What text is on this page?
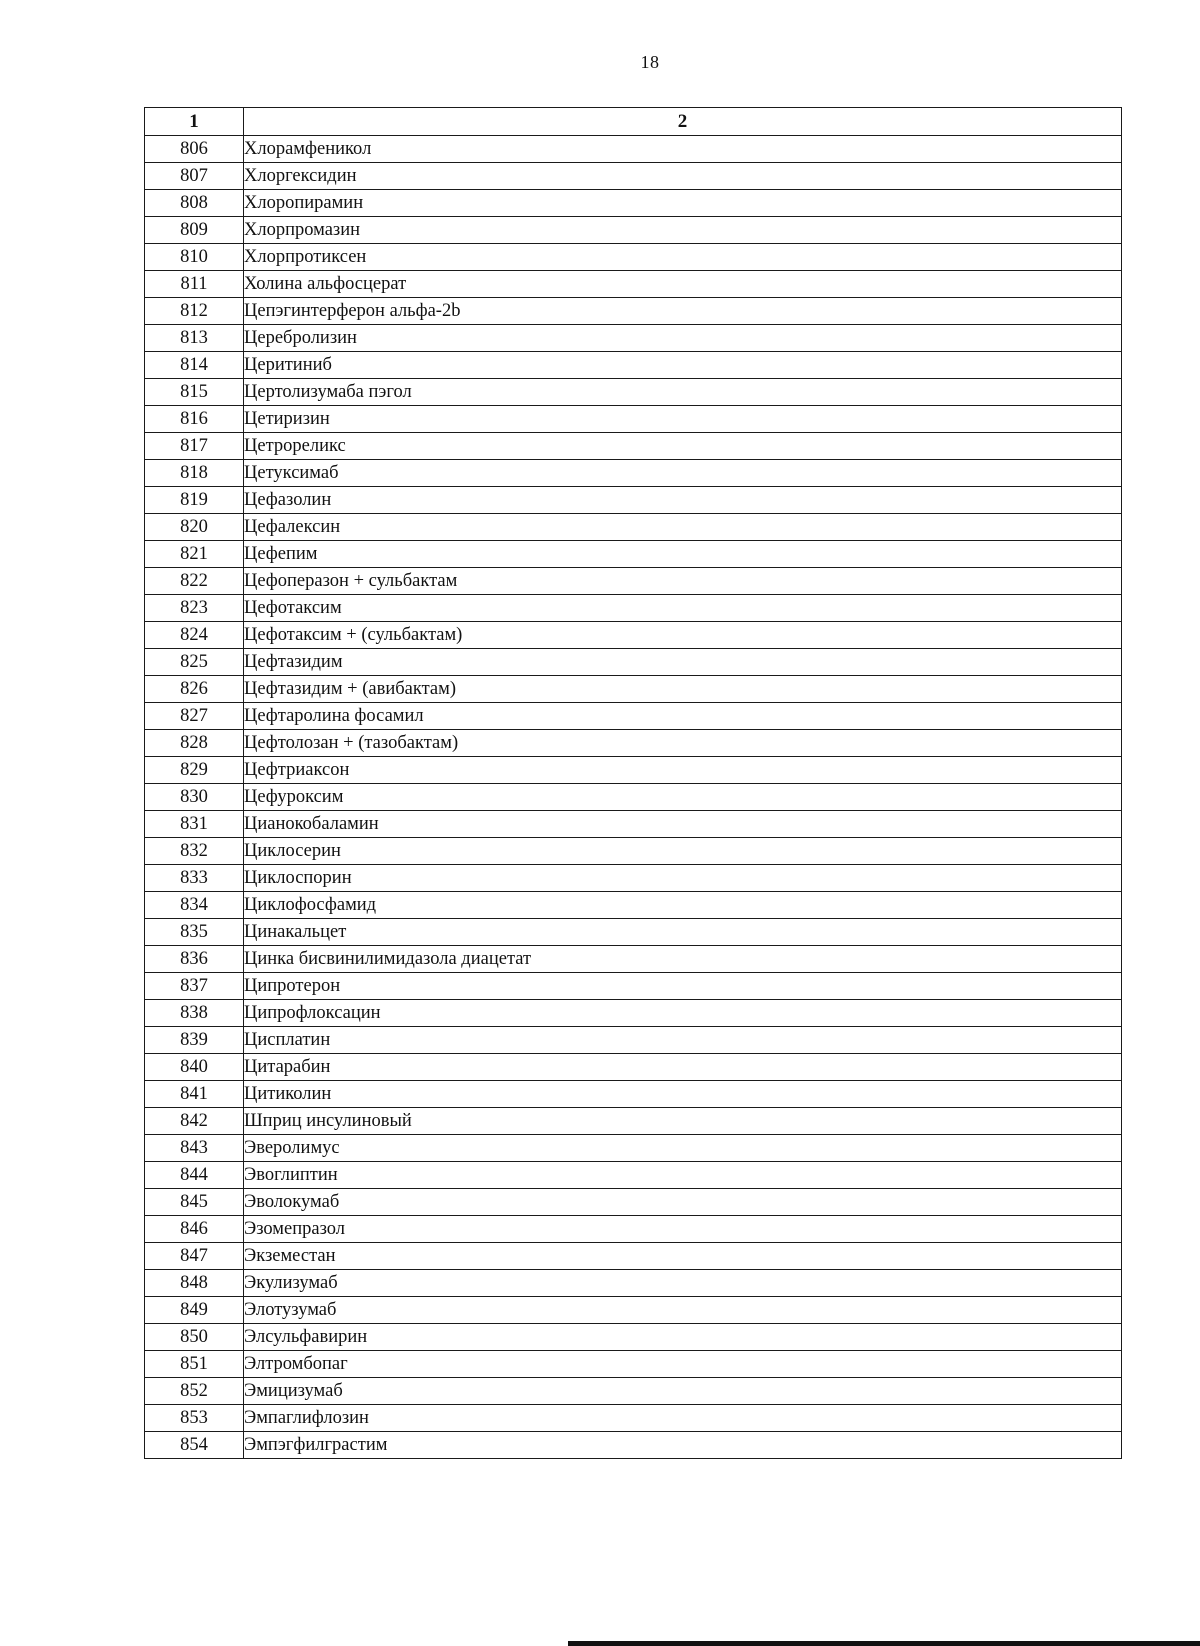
18
1	2
806	Хлорамфеникол
807	Хлоргексидин
808	Хлоропирамин
809	Хлорпромазин
810	Хлорпротиксен
811	Холина альфосцерат
812	Цепэгинтерферон альфа-2b
813	Церебролизин
814	Церитиниб
815	Цертолизумаба пэгол
816	Цетиризин
817	Цетрореликс
818	Цетуксимаб
819	Цефазолин
820	Цефалексин
821	Цефепим
822	Цефоперазон + сульбактам
823	Цефотаксим
824	Цефотаксим + (сульбактам)
825	Цефтазидим
826	Цефтазидим + (авибактам)
827	Цефтаролина фосамил
828	Цефтолозан + (тазобактам)
829	Цефтриаксон
830	Цефуроксим
831	Цианокобаламин
832	Циклосерин
833	Циклоспорин
834	Циклофосфамид
835	Цинакальцет
836	Цинка бисвинилимидазола диацетат
837	Ципротерон
838	Ципрофлоксацин
839	Цисплатин
840	Цитарабин
841	Цитиколин
842	Шприц инсулиновый
843	Эверолимус
844	Эвоглиптин
845	Эволокумаб
846	Эзомепразол
847	Экземестан
848	Экулизумаб
849	Элотузумаб
850	Элсульфавирин
851	Элтромбопаг
852	Эмицизумаб
853	Эмпаглифлозин
854	Эмпэгфилграстим
